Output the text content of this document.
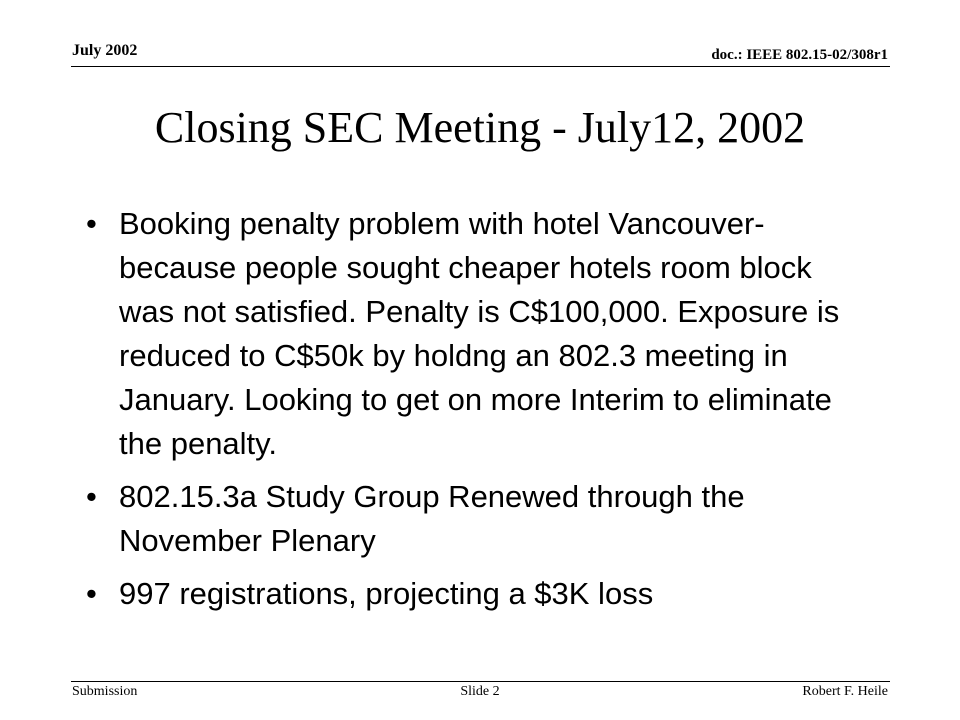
July 2002	doc.: IEEE 802.15-02/308r1
Closing SEC Meeting - July12, 2002
• Booking penalty problem with hotel Vancouver-because people sought cheaper hotels room block was not satisfied. Penalty is C$100,000. Exposure is reduced to C$50k by holdng an 802.3 meeting in January. Looking to get on more Interim to eliminate the penalty.
• 802.15.3a Study Group Renewed through the November Plenary
• 997 registrations, projecting a $3K loss
Submission	Slide 2	Robert F. Heile
